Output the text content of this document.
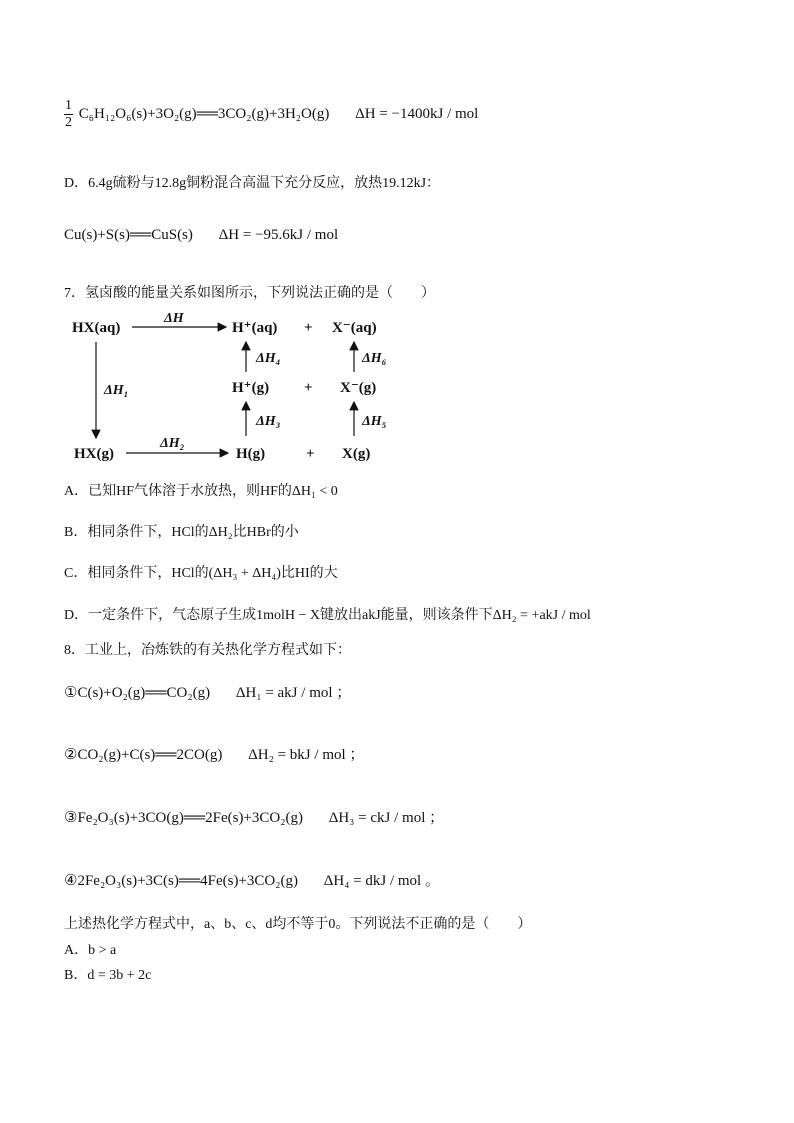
$\frac{1}{2}$ C₆H₁₂O₆(s)+3O₂(g)══3CO₂(g)+3H₂O(g) ΔH = −1400kJ / mol
D．6.4g硫粉与12.8g铜粉混合高温下充分反应，放热19.12kJ：
Cu(s)+S(s)══CuS(s) ΔH = −95.6kJ / mol
7．氢卤酸的能量关系如图所示，下列说法正确的是（　　）
HX(aq)
ΔH
H⁺(aq) + X⁻(aq)
ΔH₁
ΔH₄	ΔH₆
H⁺(g) + X⁻(g)
ΔH₃	ΔH₅
HX(g)
ΔH₂
H(g)	+ X(g)
A．已知HF气体溶于水放热，则HF的ΔH₁ < 0
B．相同条件下，HCl的ΔH₂比HBr的小
C．相同条件下，HCl的(ΔH₃ + ΔH₄)比HI的大
D．一定条件下，气态原子生成1molH − X键放出akJ能量，则该条件下ΔH₂ = +akJ / mol
8．工业上，冶炼铁的有关热化学方程式如下：
①C(s)+O₂(g)══CO₂(g) ΔH₁ = akJ / mol ；
②CO₂(g)+C(s)══2CO(g) ΔH₂ = bkJ / mol ；
③Fe₂O₃(s)+3CO(g)══2Fe(s)+3CO₂(g) ΔH₃ = ckJ / mol ；
④2Fe₂O₃(s)+3C(s)══4Fe(s)+3CO₂(g) ΔH₄ = dkJ / mol 。
上述热化学方程式中，a、b、c、d均不等于0。下列说法不正确的是（　　）
A．b > a
B．d = 3b + 2c
